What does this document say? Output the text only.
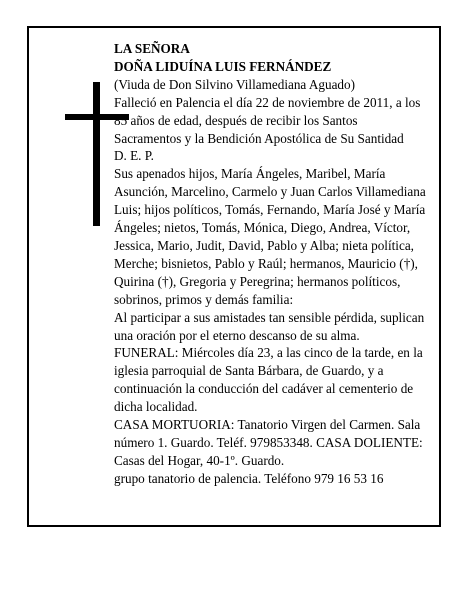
LA SEÑORA

DOÑA LIDUÍNA LUIS FERNÁNDEZ

(Viuda de Don Silvino Villamediana Aguado)

Falleció en Palencia el día 22 de noviembre de 2011, a los 85 años de edad, después de recibir los Santos Sacramentos y la Bendición Apostólica de Su Santidad

D. E. P.

Sus apenados hijos, María Ángeles, Maribel, María Asunción, Marcelino, Carmelo y Juan Carlos Villamediana Luis; hijos políticos, Tomás, Fernando, María José y María Ángeles; nietos, Tomás, Mónica, Diego, Andrea, Víctor, Jessica, Mario, Judit, David, Pablo y Alba; nieta política, Merche; bisnietos, Pablo y Raúl; hermanos, Mauricio (†), Quirina (†), Gregoria y Peregrina; hermanos políticos, sobrinos, primos y demás familia:

Al participar a sus amistades tan sensible pérdida, suplican una oración por el eterno descanso de su alma.

FUNERAL: Miércoles día 23, a las cinco de la tarde, en la iglesia parroquial de Santa Bárbara, de Guardo, y a continuación la conducción del cadáver al cementerio de dicha localidad.

CASA MORTUORIA: Tanatorio Virgen del Carmen. Sala número 1. Guardo. Teléf. 979853348. CASA DOLIENTE: Casas del Hogar, 40-1º. Guardo.

grupo tanatorio de palencia. Teléfono 979 16 53 16
